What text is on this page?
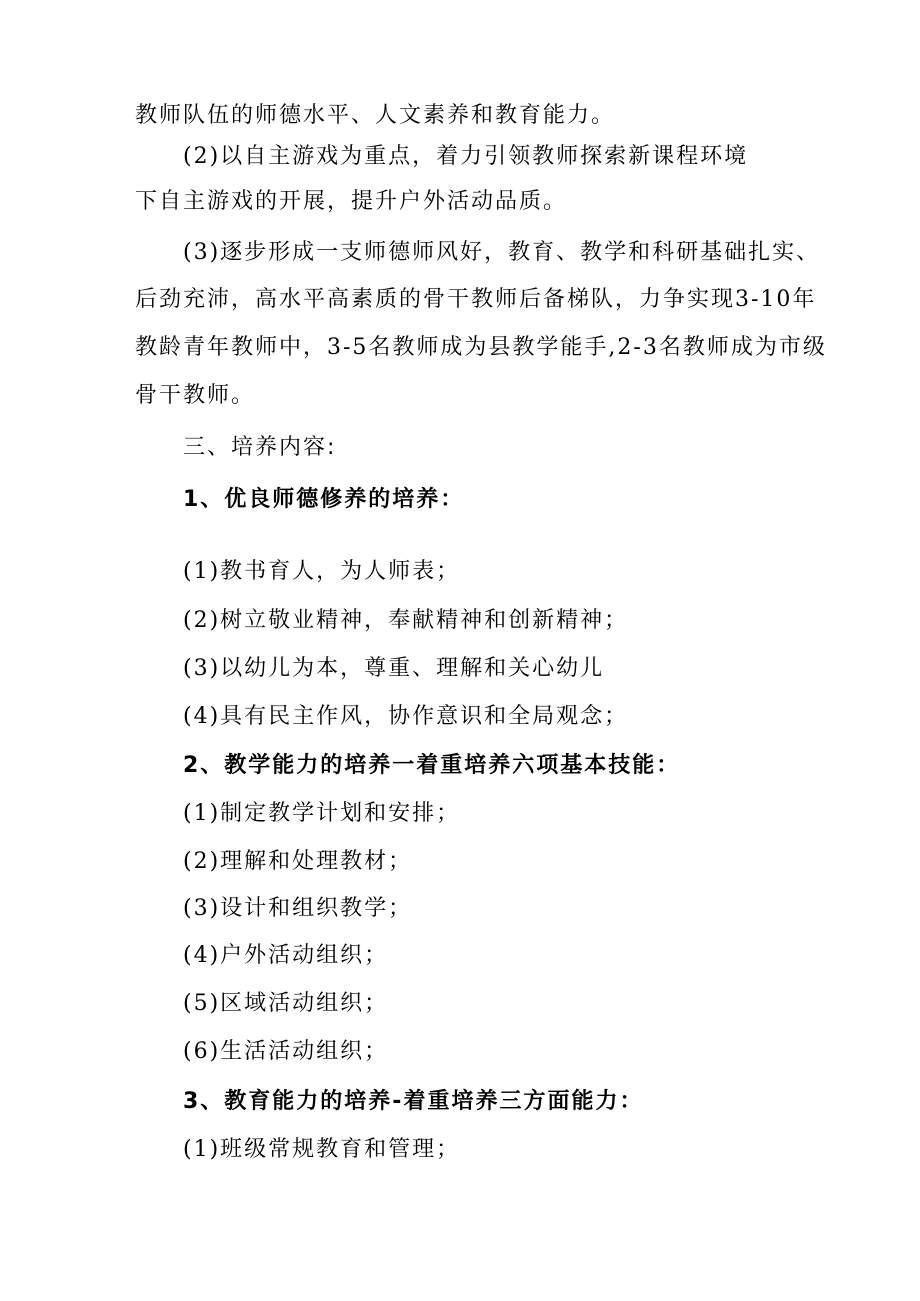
教师队伍的师德水平、人文素养和教育能力。
(2)以自主游戏为重点，着力引领教师探索新课程环境
下自主游戏的开展，提升户外活动品质。
(3)逐步形成一支师德师风好，教育、教学和科研基础扎实、
后劲充沛，高水平高素质的骨干教师后备梯队，力争实现3-10年
教龄青年教师中，3-5名教师成为县教学能手,2-3名教师成为市级
骨干教师。
三、培养内容:
1、优良师德修养的培养：
(1)教书育人，为人师表；
(2)树立敬业精神，奉献精神和创新精神；
(3)以幼儿为本，尊重、理解和关心幼儿
(4)具有民主作风，协作意识和全局观念；
2、教学能力的培养一着重培养六项基本技能：
(1)制定教学计划和安排；
(2)理解和处理教材；
(3)设计和组织教学；
(4)户外活动组织；
(5)区域活动组织；
(6)生活活动组织；
3、教育能力的培养-着重培养三方面能力：
(1)班级常规教育和管理；
